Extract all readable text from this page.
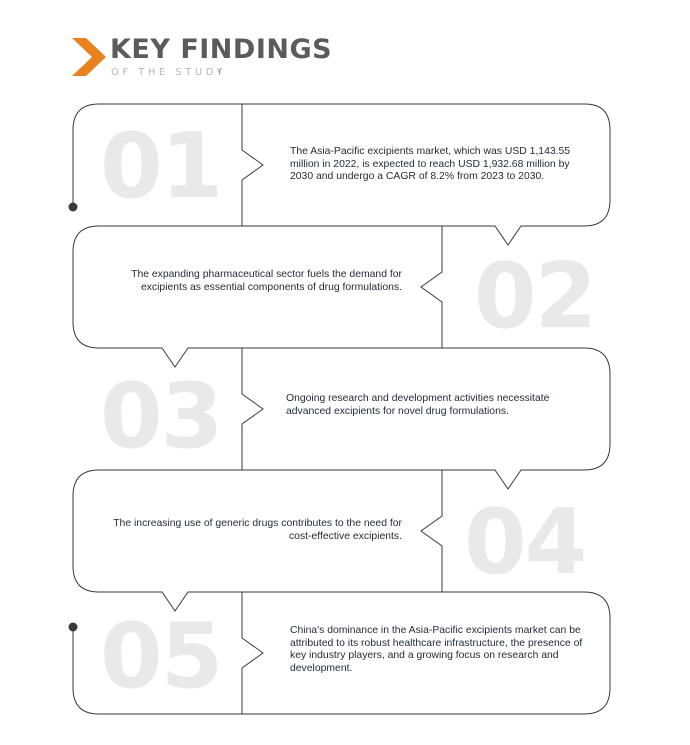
KEY FINDINGS
OF THE STUDY
01
02
03
04
05
The Asia-Pacific excipients market, which was USD 1,143.55 million in 2022, is expected to reach USD 1,932.68 million by 2030 and undergo a CAGR of 8.2% from 2023 to 2030.
The expanding pharmaceutical sector fuels the demand for excipients as essential components of drug formulations.
Ongoing research and development activities necessitate advanced excipients for novel drug formulations.
The increasing use of generic drugs contributes to the need for cost-effective excipients.
China's dominance in the Asia-Pacific excipients market can be attributed to its robust healthcare infrastructure, the presence of key industry players, and a growing focus on research and development.
